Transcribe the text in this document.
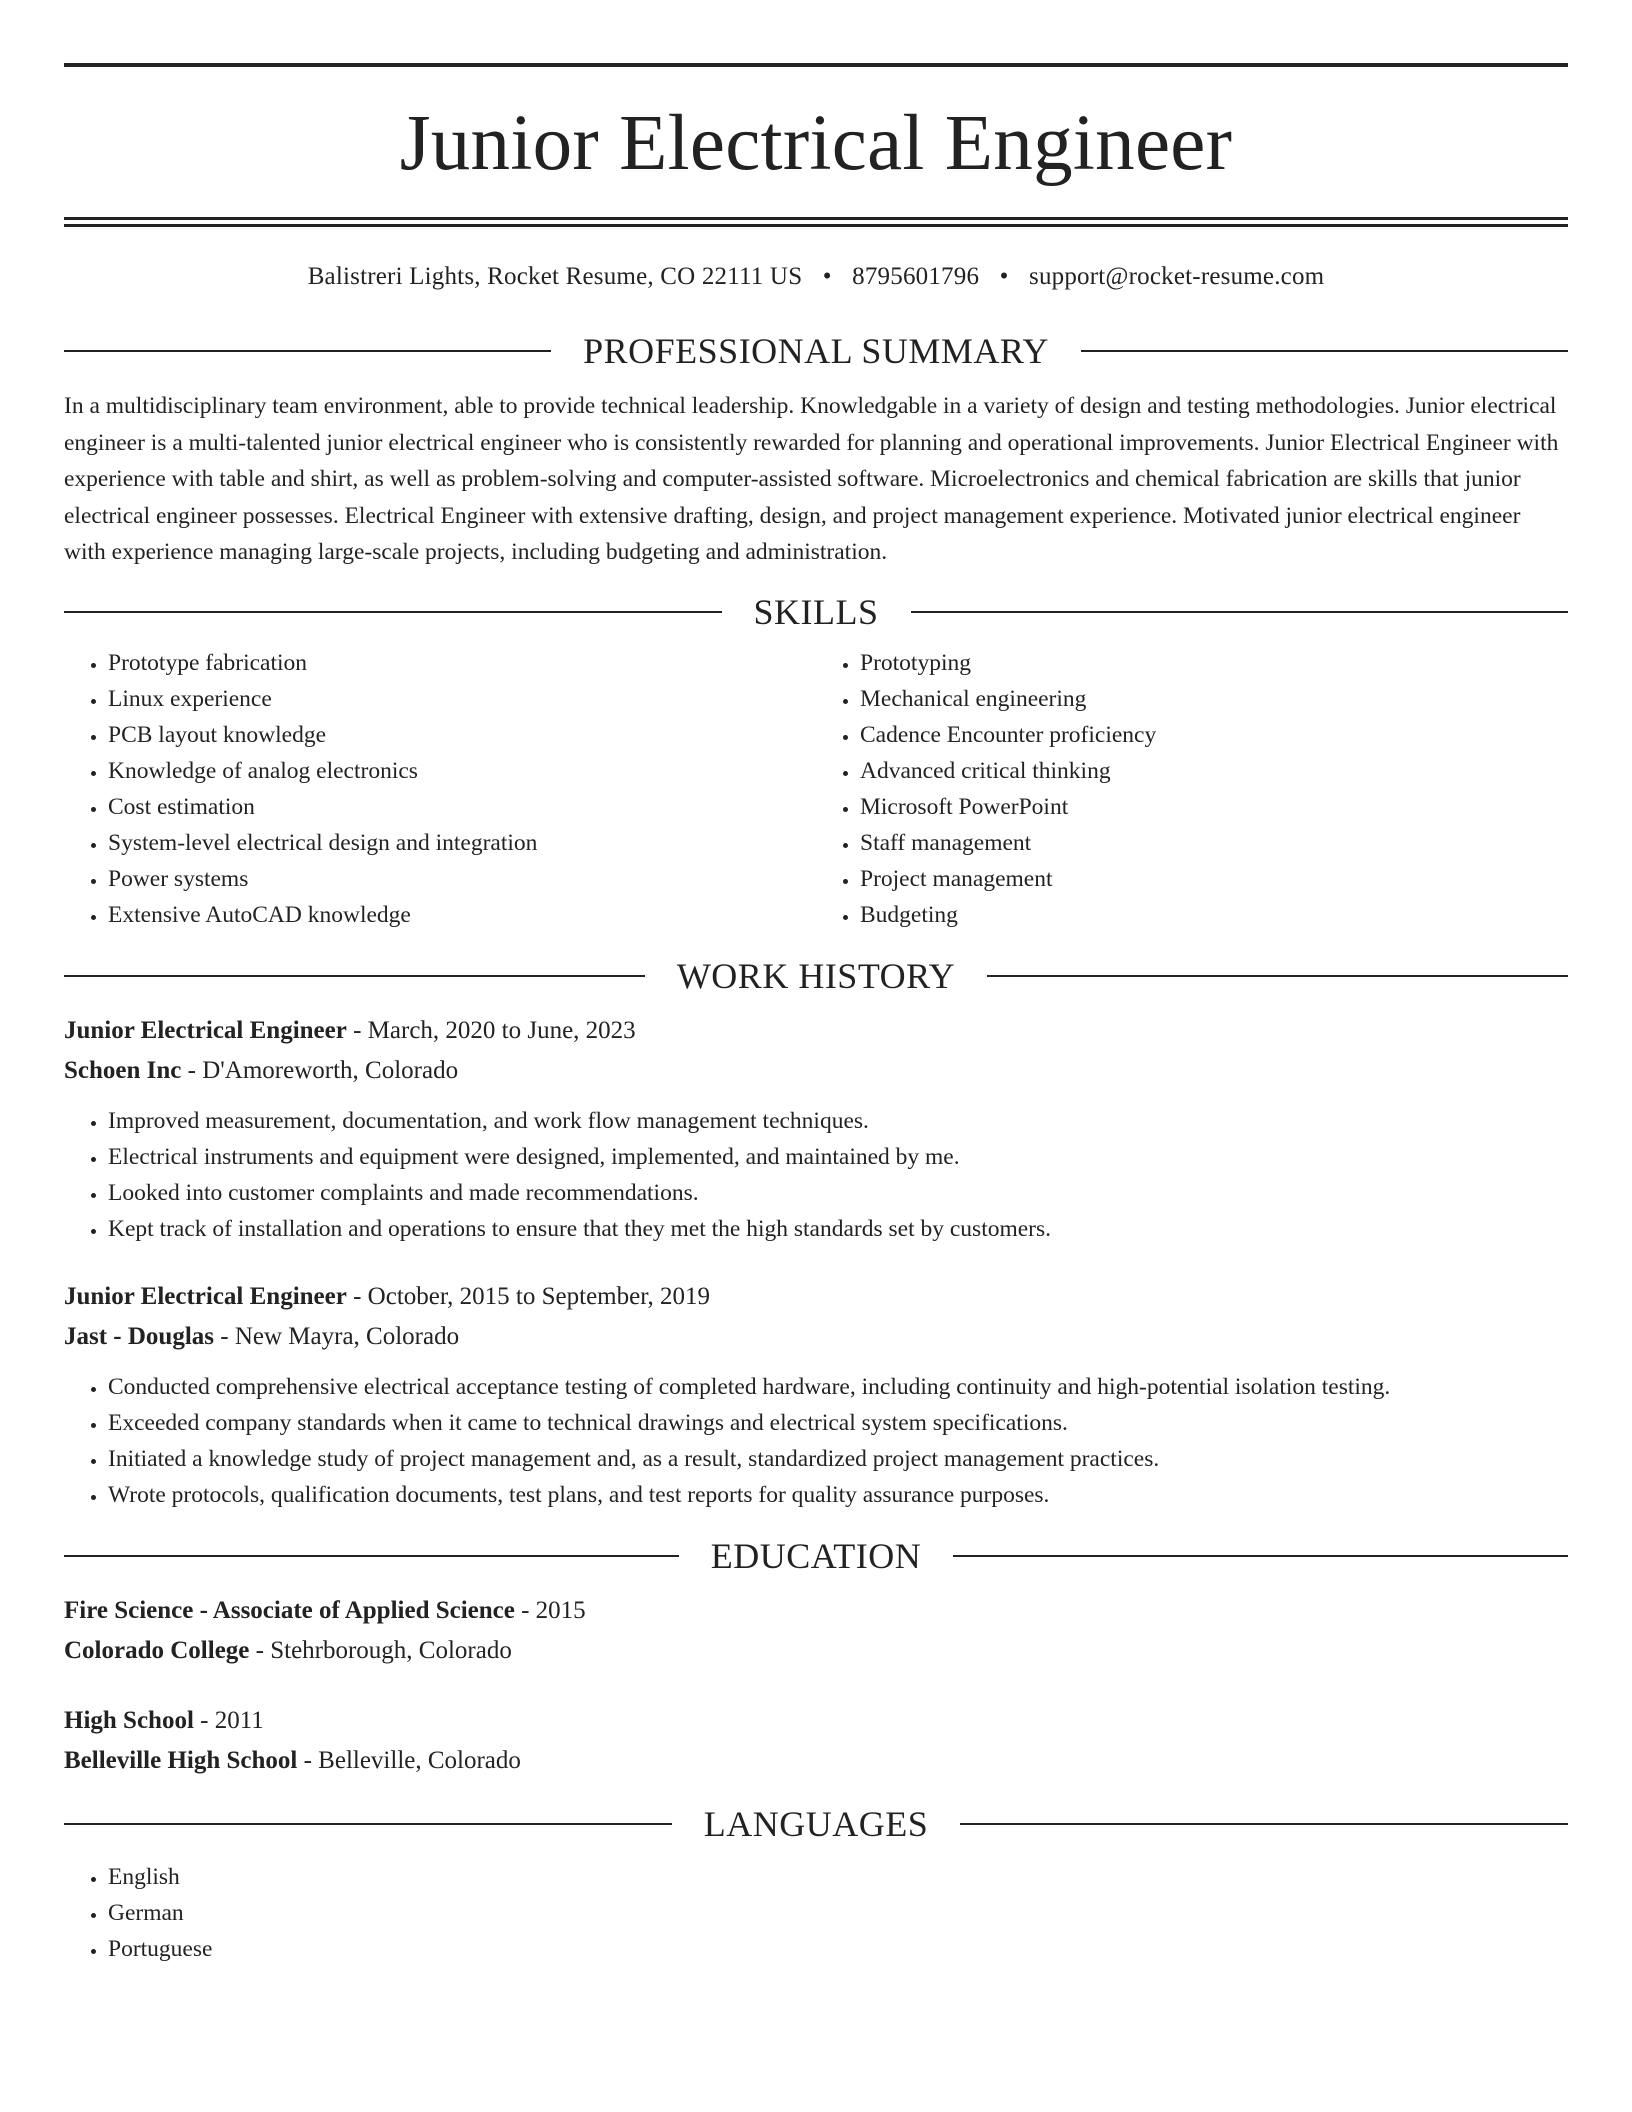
Junior Electrical Engineer
Balistreri Lights, Rocket Resume, CO 22111 US • 8795601796 • support@rocket-resume.com
PROFESSIONAL SUMMARY

In a multidisciplinary team environment, able to provide technical leadership. Knowledgable in a variety of design and testing methodologies. Junior electrical engineer is a multi-talented junior electrical engineer who is consistently rewarded for planning and operational improvements. Junior Electrical Engineer with experience with table and shirt, as well as problem-solving and computer-assisted software. Microelectronics and chemical fabrication are skills that junior electrical engineer possesses. Electrical Engineer with extensive drafting, design, and project management experience. Motivated junior electrical engineer with experience managing large-scale projects, including budgeting and administration.

SKILLS
• Prototype fabrication
• Linux experience
• PCB layout knowledge
• Knowledge of analog electronics
• Cost estimation
• System-level electrical design and integration
• Power systems
• Extensive AutoCAD knowledge
• Prototyping
• Mechanical engineering
• Cadence Encounter proficiency
• Advanced critical thinking
• Microsoft PowerPoint
• Staff management
• Project management
• Budgeting
WORK HISTORY
Junior Electrical Engineer - March, 2020 to June, 2023
Schoen Inc - D'Amoreworth, Colorado
• Improved measurement, documentation, and work flow management techniques.
• Electrical instruments and equipment were designed, implemented, and maintained by me.
• Looked into customer complaints and made recommendations.
• Kept track of installation and operations to ensure that they met the high standards set by customers.
Junior Electrical Engineer - October, 2015 to September, 2019
Jast - Douglas - New Mayra, Colorado
• Conducted comprehensive electrical acceptance testing of completed hardware, including continuity and high-potential isolation testing.
• Exceeded company standards when it came to technical drawings and electrical system specifications.
• Initiated a knowledge study of project management and, as a result, standardized project management practices.
• Wrote protocols, qualification documents, test plans, and test reports for quality assurance purposes.
EDUCATION
Fire Science - Associate of Applied Science - 2015
Colorado College - Stehrborough, Colorado
High School - 2011
Belleville High School - Belleville, Colorado
LANGUAGES
• English
• German
• Portuguese
